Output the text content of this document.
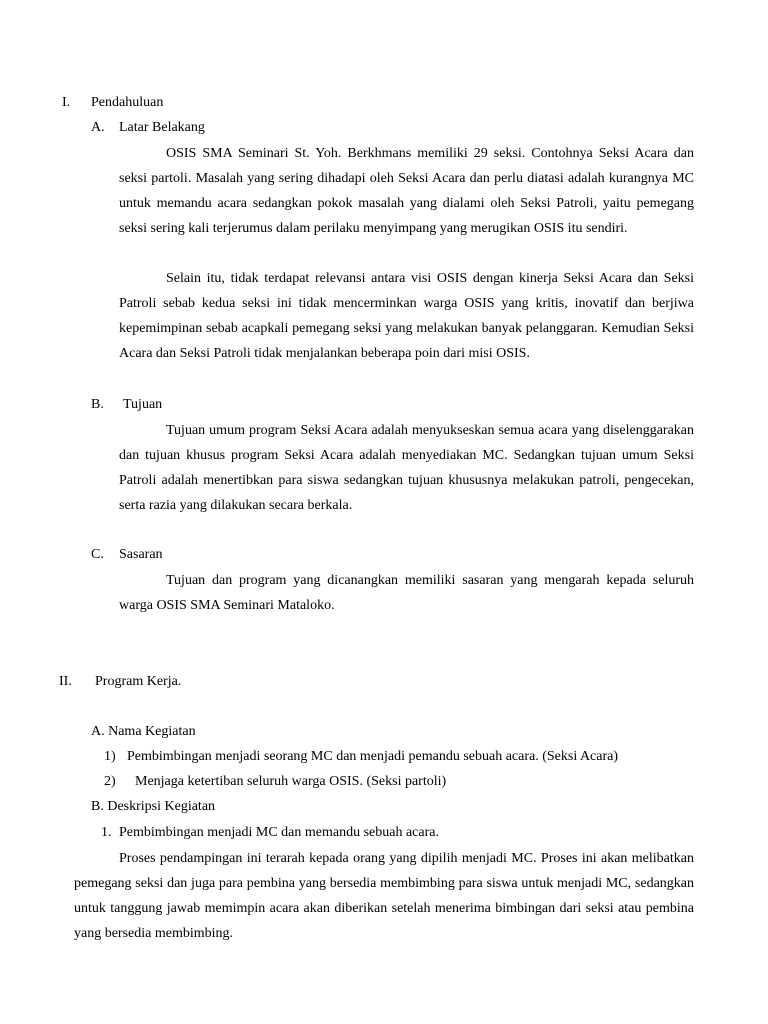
I. Pendahuluan
A. Latar Belakang

OSIS SMA Seminari St. Yoh. Berkhmans memiliki 29 seksi. Contohnya Seksi Acara dan seksi partoli. Masalah yang sering dihadapi oleh Seksi Acara dan perlu diatasi adalah kurangnya MC untuk memandu acara sedangkan pokok masalah yang dialami oleh Seksi Patroli, yaitu pemegang seksi sering kali terjerumus dalam perilaku menyimpang yang merugikan OSIS itu sendiri.

Selain itu, tidak terdapat relevansi antara visi OSIS dengan kinerja Seksi Acara dan Seksi Patroli sebab kedua seksi ini tidak mencerminkan warga OSIS yang kritis, inovatif dan berjiwa kepemimpinan sebab acapkali pemegang seksi yang melakukan banyak pelanggaran. Kemudian Seksi Acara dan Seksi Patroli tidak menjalankan beberapa poin dari misi OSIS.

B. Tujuan

Tujuan umum program Seksi Acara adalah menyukseskan semua acara yang diselenggarakan dan tujuan khusus program Seksi Acara adalah menyediakan MC. Sedangkan tujuan umum Seksi Patroli adalah menertibkan para siswa sedangkan tujuan khususnya melakukan patroli, pengecekan, serta razia yang dilakukan secara berkala.

C. Sasaran

Tujuan dan program yang dicanangkan memiliki sasaran yang mengarah kepada seluruh warga OSIS SMA Seminari Mataloko.

II. Program Kerja.
A. Nama Kegiatan
1) Pembimbingan menjadi seorang MC dan menjadi pemandu sebuah acara. (Seksi Acara)
2) Menjaga ketertiban seluruh warga OSIS. (Seksi partoli)
B. Deskripsi Kegiatan
1. Pembimbingan menjadi MC dan memandu sebuah acara.

Proses pendampingan ini terarah kepada orang yang dipilih menjadi MC. Proses ini akan melibatkan pemegang seksi dan juga para pembina yang bersedia membimbing para siswa untuk menjadi MC, sedangkan untuk tanggung jawab memimpin acara akan diberikan setelah menerima bimbingan dari seksi atau pembina yang bersedia membimbing.
